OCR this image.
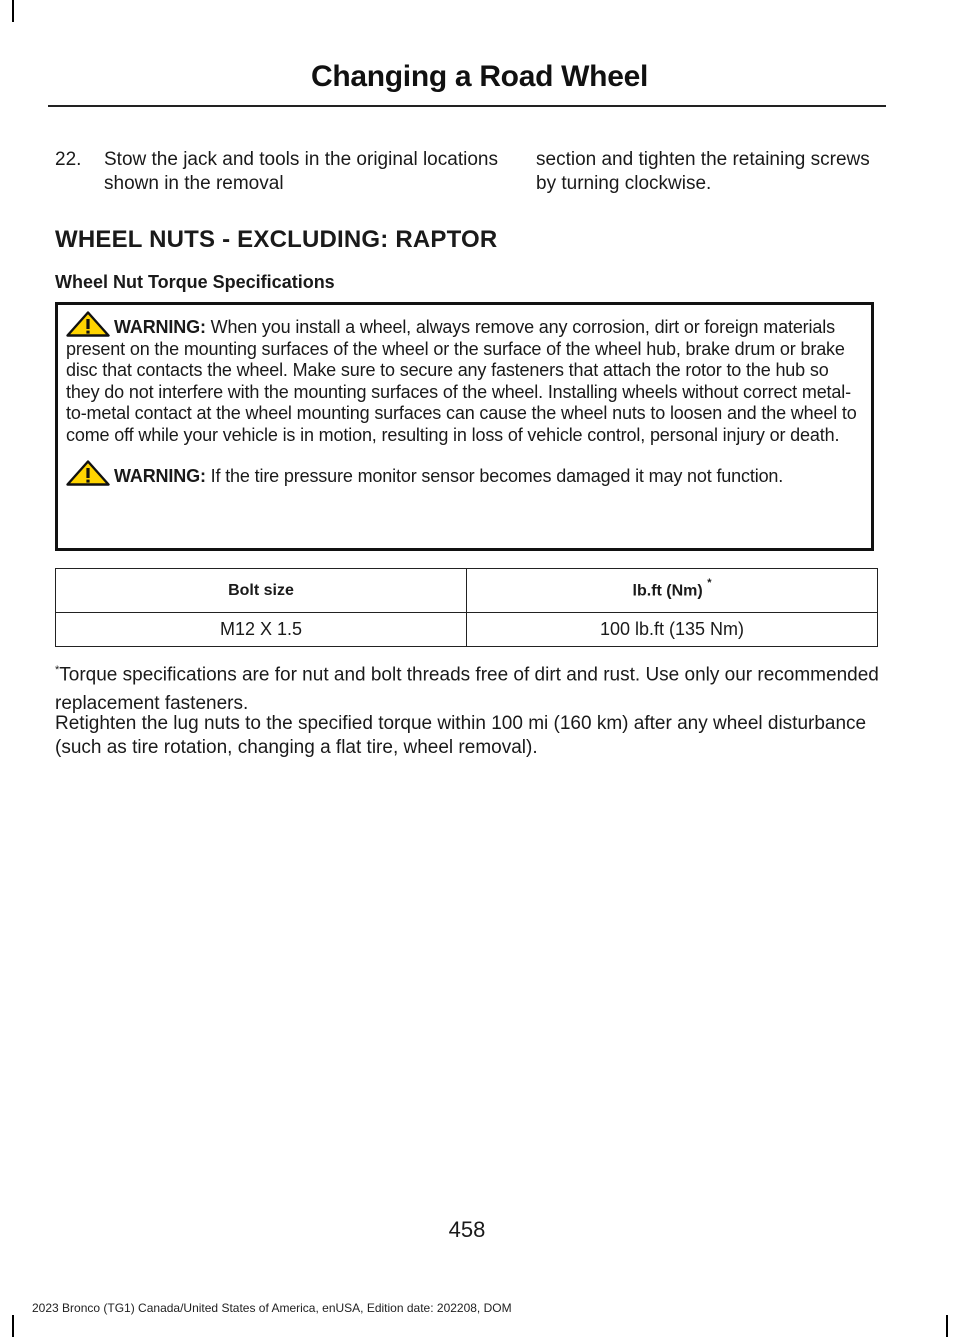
Changing a Road Wheel
22. Stow the jack and tools in the original locations shown in the removal
section and tighten the retaining screws by turning clockwise.
WHEEL NUTS - EXCLUDING: RAPTOR
Wheel Nut Torque Specifications

WARNING: When you install a wheel, always remove any corrosion, dirt or foreign materials present on the mounting surfaces of the wheel or the surface of the wheel hub, brake drum or brake disc that contacts the wheel. Make sure to secure any fasteners that attach the rotor to the hub so they do not interfere with the mounting surfaces of the wheel. Installing wheels without correct metal-to-metal contact at the wheel mounting surfaces can cause the wheel nuts to loosen and the wheel to come off while your vehicle is in motion, resulting in loss of vehicle control, personal injury or death.

WARNING: If the tire pressure monitor sensor becomes damaged it may not function.

Bolt size	lb.ft (Nm) *
M12 X 1.5	100 lb.ft (135 Nm)

*Torque specifications are for nut and bolt threads free of dirt and rust. Use only our recommended replacement fasteners.

Retighten the lug nuts to the specified torque within 100 mi (160 km) after any wheel disturbance (such as tire rotation, changing a flat tire, wheel removal).

458
2023 Bronco (TG1) Canada/United States of America, enUSA, Edition date: 202208, DOM
